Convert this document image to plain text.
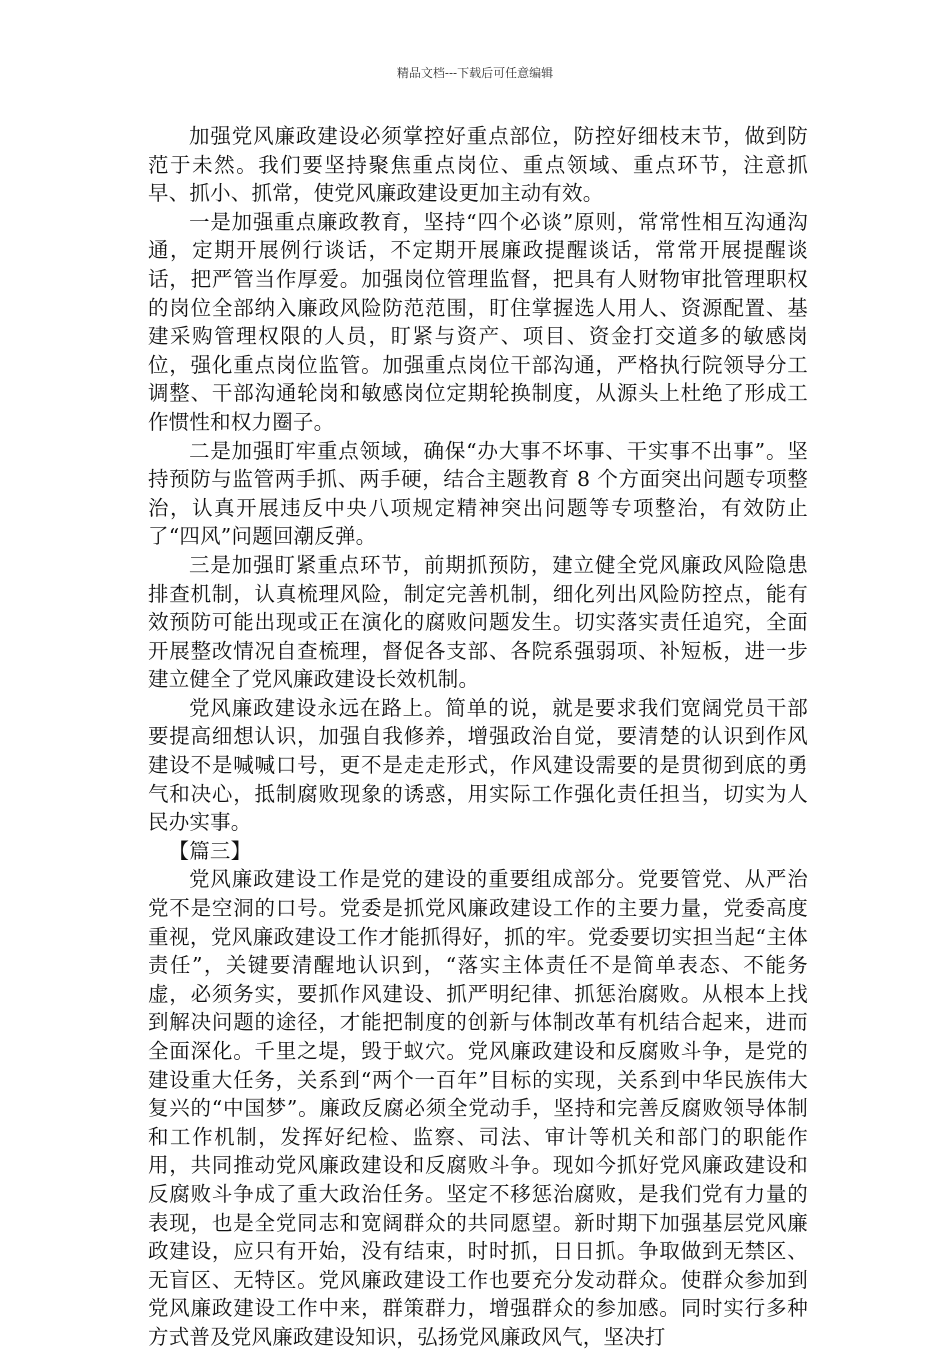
精品文档---下载后可任意编辑

加强党风廉政建设必须掌控好重点部位，防控好细枝末节，做到防范于未然。我们要坚持聚焦重点岗位、重点领域、重点环节，注意抓早、抓小、抓常，使党风廉政建设更加主动有效。

一是加强重点廉政教育，坚持“四个必谈”原则，常常性相互沟通沟通，定期开展例行谈话，不定期开展廉政提醒谈话，常常开展提醒谈话，把严管当作厚爱。加强岗位管理监督，把具有人财物审批管理职权的岗位全部纳入廉政风险防范范围，盯住掌握选人用人、资源配置、基建采购管理权限的人员，盯紧与资产、项目、资金打交道多的敏感岗位，强化重点岗位监管。加强重点岗位干部沟通，严格执行院领导分工调整、干部沟通轮岗和敏感岗位定期轮换制度，从源头上杜绝了形成工作惯性和权力圈子。

二是加强盯牢重点领域，确保“办大事不坏事、干实事不出事”。坚持预防与监管两手抓、两手硬，结合主题教育 8 个方面突出问题专项整治，认真开展违反中央八项规定精神突出问题等专项整治，有效防止了“四风”问题回潮反弹。

三是加强盯紧重点环节，前期抓预防，建立健全党风廉政风险隐患排查机制，认真梳理风险，制定完善机制，细化列出风险防控点，能有效预防可能出现或正在演化的腐败问题发生。切实落实责任追究，全面开展整改情况自查梳理，督促各支部、各院系强弱项、补短板，进一步建立健全了党风廉政建设长效机制。

党风廉政建设永远在路上。简单的说，就是要求我们宽阔党员干部要提高细想认识，加强自我修养，增强政治自觉，要清楚的认识到作风建设不是喊喊口号，更不是走走形式，作风建设需要的是贯彻到底的勇气和决心，抵制腐败现象的诱惑，用实际工作强化责任担当，切实为人民办实事。

【篇三】

党风廉政建设工作是党的建设的重要组成部分。党要管党、从严治党不是空洞的口号。党委是抓党风廉政建设工作的主要力量，党委高度重视，党风廉政建设工作才能抓得好，抓的牢。党委要切实担当起“主体责任”，关键要清醒地认识到，“落实主体责任不是简单表态、不能务虚，必须务实，要抓作风建设、抓严明纪律、抓惩治腐败。从根本上找到解决问题的途径，才能把制度的创新与体制改革有机结合起来，进而全面深化。千里之堤，毁于蚁穴。党风廉政建设和反腐败斗争，是党的建设重大任务，关系到“两个一百年”目标的实现，关系到中华民族伟大复兴的“中国梦”。廉政反腐必须全党动手，坚持和完善反腐败领导体制和工作机制，发挥好纪检、监察、司法、审计等机关和部门的职能作用，共同推动党风廉政建设和反腐败斗争。现如今抓好党风廉政建设和反腐败斗争成了重大政治任务。坚定不移惩治腐败，是我们党有力量的表现，也是全党同志和宽阔群众的共同愿望。新时期下加强基层党风廉政建设，应只有开始，没有结束，时时抓，日日抓。争取做到无禁区、无盲区、无特区。党风廉政建设工作也要充分发动群众。使群众参加到党风廉政建设工作中来，群策群力，增强群众的参加感。同时实行多种方式普及党风廉政建设知识，弘扬党风廉政风气，坚决打
